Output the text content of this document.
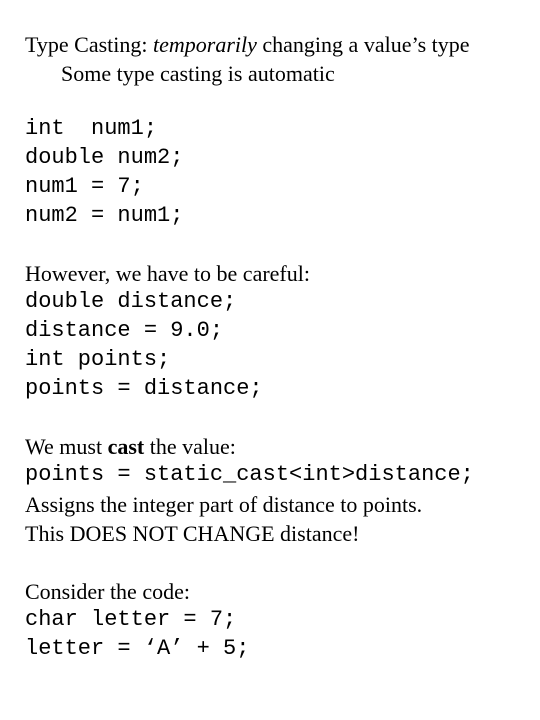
Type Casting: temporarily changing a value’s type
Some type casting is automatic
int  num1;
double num2;
num1 = 7;
num2 = num1;
However, we have to be careful:
double distance;
distance = 9.0;
int points;
points = distance;
We must cast the value:
points = static_cast<int>distance;
Assigns the integer part of distance to points.
This DOES NOT CHANGE distance!
Consider the code:
char letter = 7;
letter = ‘A’ + 5;
